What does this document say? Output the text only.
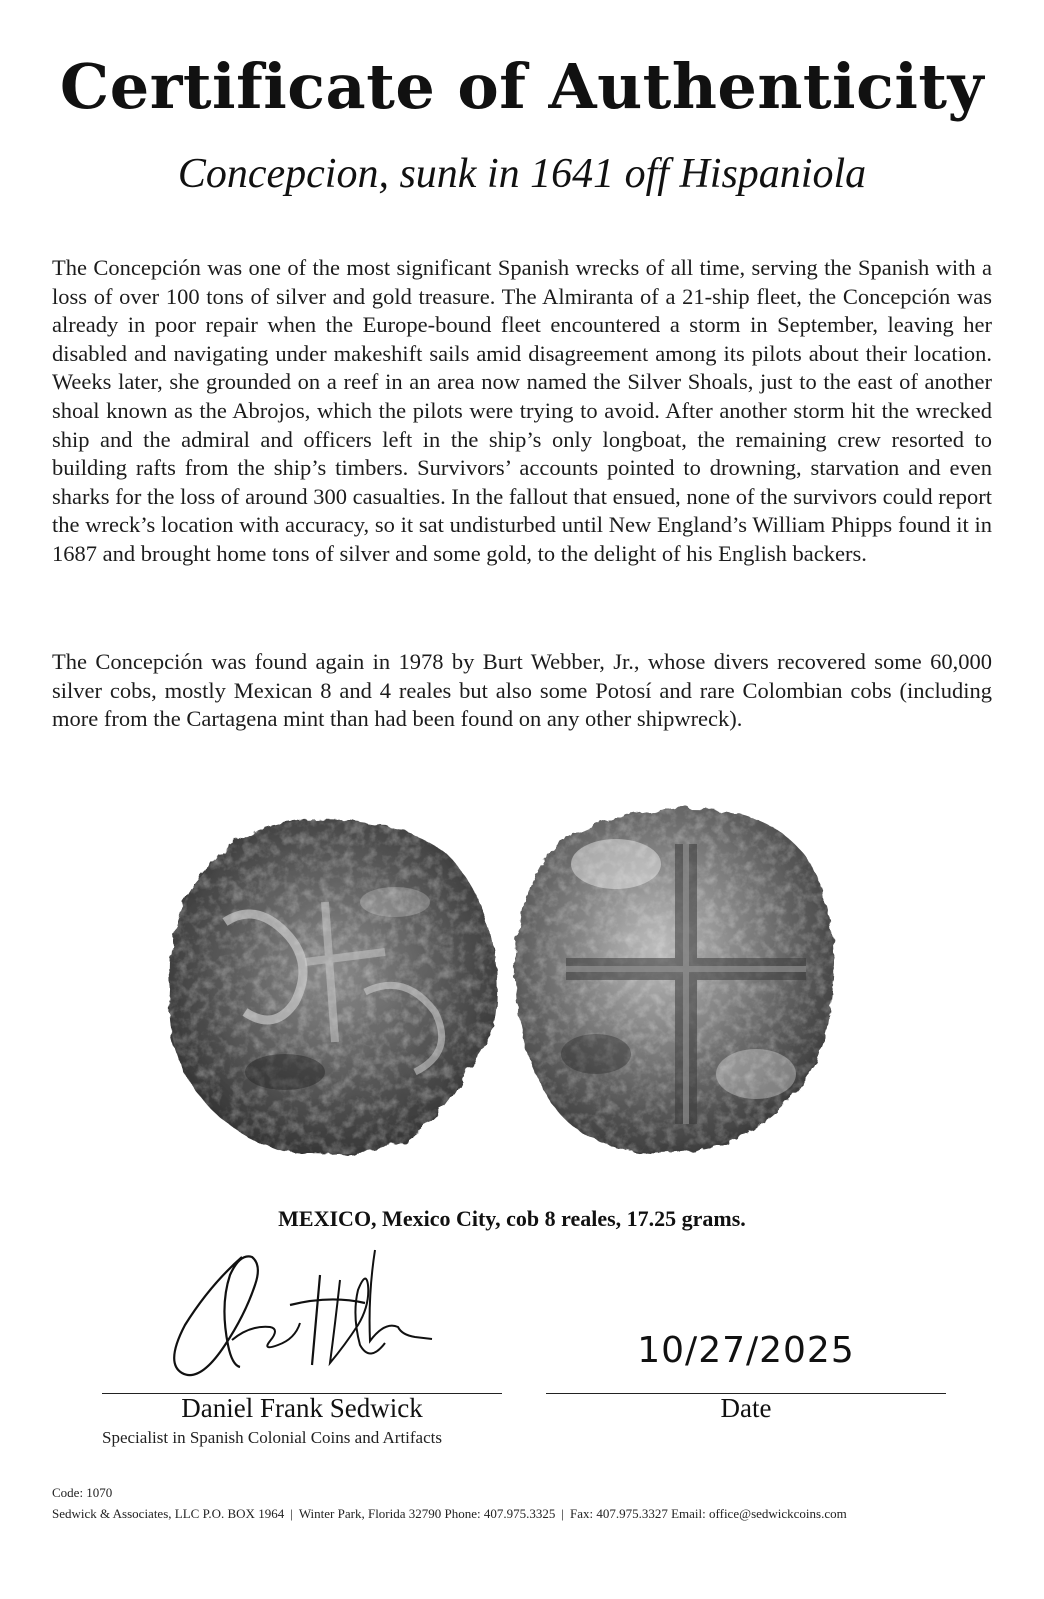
Certificate of Authenticity
Concepcion, sunk in 1641 off Hispaniola

The Concepción was one of the most significant Spanish wrecks of all time, serving the Spanish with a loss of over 100 tons of silver and gold treasure. The Almiranta of a 21-ship fleet, the Concepción was already in poor repair when the Europe-bound fleet encountered a storm in September, leaving her disabled and navigating under makeshift sails amid disagreement among its pilots about their location. Weeks later, she grounded on a reef in an area now named the Silver Shoals, just to the east of another shoal known as the Abrojos, which the pilots were trying to avoid. After another storm hit the wrecked ship and the admiral and officers left in the ship’s only longboat, the remaining crew resorted to building rafts from the ship’s timbers. Survivors’ accounts pointed to drowning, starvation and even sharks for the loss of around 300 casualties. In the fallout that ensued, none of the survivors could report the wreck’s location with accuracy, so it sat undisturbed until New England’s William Phipps found it in 1687 and brought home tons of silver and some gold, to the delight of his English backers.

The Concepción was found again in 1978 by Burt Webber, Jr., whose divers recovered some 60,000 silver cobs, mostly Mexican 8 and 4 reales but also some Potosí and rare Colombian cobs (including more from the Cartagena mint than had been found on any other shipwreck).

MEXICO, Mexico City, cob 8 reales, 17.25 grams.
10/27/2025
Daniel Frank Sedwick	Date
Specialist in Spanish Colonial Coins and Artifacts
Code: 1070
Sedwick & Associates, LLC P.O. BOX 1964 | Winter Park, Florida 32790 Phone: 407.975.3325 | Fax: 407.975.3327 Email: office@sedwickcoins.com
